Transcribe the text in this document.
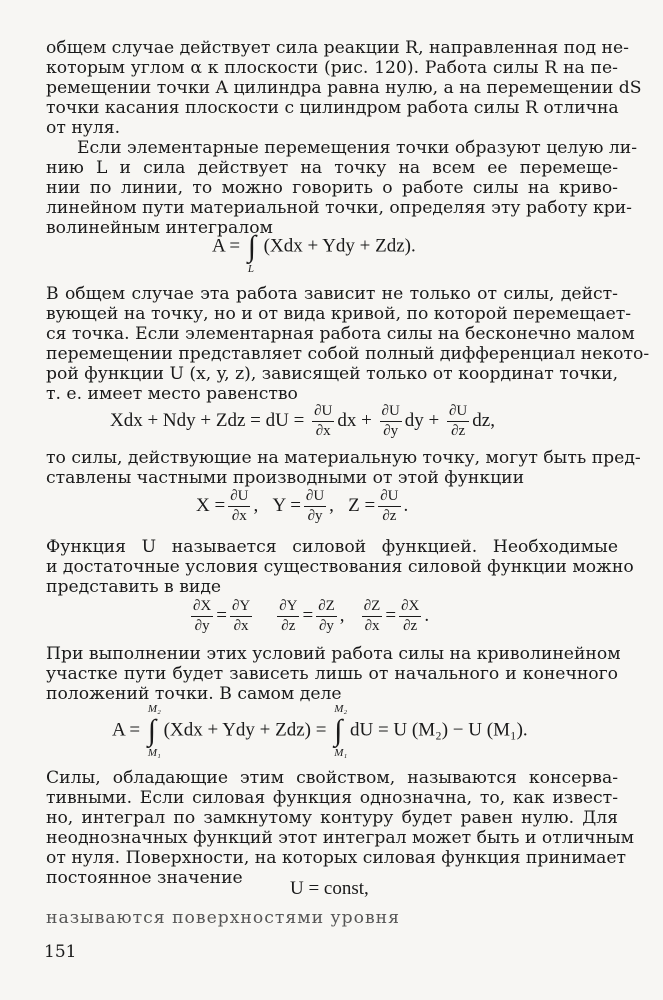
общем случае действует сила реакции R, направленная под не-
которым углом α к плоскости (рис. 120). Работа силы R на пе-
ремещении точки A цилиндра равна нулю, а на перемещении dS
точки касания плоскости с цилиндром работа силы R отлична
от нуля.
Если элементарные перемещения точки образуют целую ли-
нию L и сила действует на точку на всем ее перемеще-
нии по линии, то можно говорить о работе силы на криво-
линейном пути материальной точки, определяя эту работу кри-
волинейным интегралом
A = ∫
L
(Xdx + Ydy + Zdz).
В общем случае эта работа зависит не только от силы, дейст-
вующей на точку, но и от вида кривой, по которой перемещает-
ся точка. Если элементарная работа силы на бесконечно малом
перемещении представляет собой полный дифференциал некото-
рой функции U (x, y, z), зависящей только от координат точки,
т. е. имеет место равенство
Xdx + Ndy + Zdz = dU = $\frac{\partial U}{\partial x}$ dx + $\frac{\partial U}{\partial y}$ dy + $\frac{\partial U}{\partial z}$ dz,
то силы, действующие на материальную точку, могут быть пред-
ставлены частными производными от этой функции
$X = \frac{\partial U}{\partial x}$ , $Y = \frac{\partial U}{\partial y}$ , $Z = \frac{\partial U}{\partial z}$ .
Функция U называется силовой функцией. Необходимые
и достаточные условия существования силовой функции можно
представить в виде
$\frac{\partial X}{\partial y} = \frac{\partial Y}{\partial x}$
$\frac{\partial Y}{\partial z} = \frac{\partial Z}{\partial y}$ , $\frac{\partial Z}{\partial x} = \frac{\partial X}{\partial z}$ .
При выполнении этих условий работа силы на криволинейном
участке пути будет зависеть лишь от начального и конечного
положений точки. В самом деле
A = ∫
M₂
M₁
(Xdx + Ydy + Zdz) = ∫
M₂
M₁
dU = U (M₂) − U (M₁).
Силы, обладающие этим свойством, называются консерва-
тивными. Если силовая функция однозначна, то, как извест-
но, интеграл по замкнутому контуру будет равен нулю. Для
неоднозначных функций этот интеграл может быть и отличным
от нуля. Поверхности, на которых силовая функция принимает
постоянное значение	U = const,
называются поверхностями уровня
151
